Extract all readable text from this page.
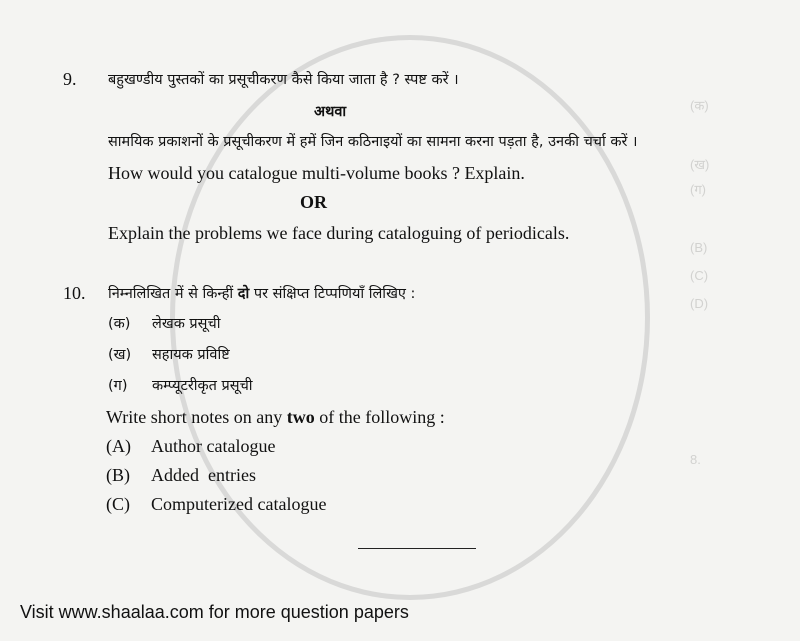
(क)
(ख)
(ग)
(B)
(C)
(D)
8.
9. बहुखण्डीय पुस्तकों का प्रसूचीकरण कैसे किया जाता है ? स्पष्ट करें ।
अथवा
सामयिक प्रकाशनों के प्रसूचीकरण में हमें जिन कठिनाइयों का सामना करना पड़ता है, उनकी चर्चा करें ।
How would you catalogue multi-volume books ? Explain.
OR
Explain the problems we face during cataloguing of periodicals.
10. निम्नलिखित में से किन्हीं दो पर संक्षिप्त टिप्पणियाँ लिखिए :
(क) लेखक प्रसूची
(ख) सहायक प्रविष्टि
(ग) कम्प्यूटरीकृत प्रसूची
Write short notes on any two of the following :
(A) Author catalogue
(B) Added  entries
(C) Computerized catalogue
Visit www.shaalaa.com for more question papers
